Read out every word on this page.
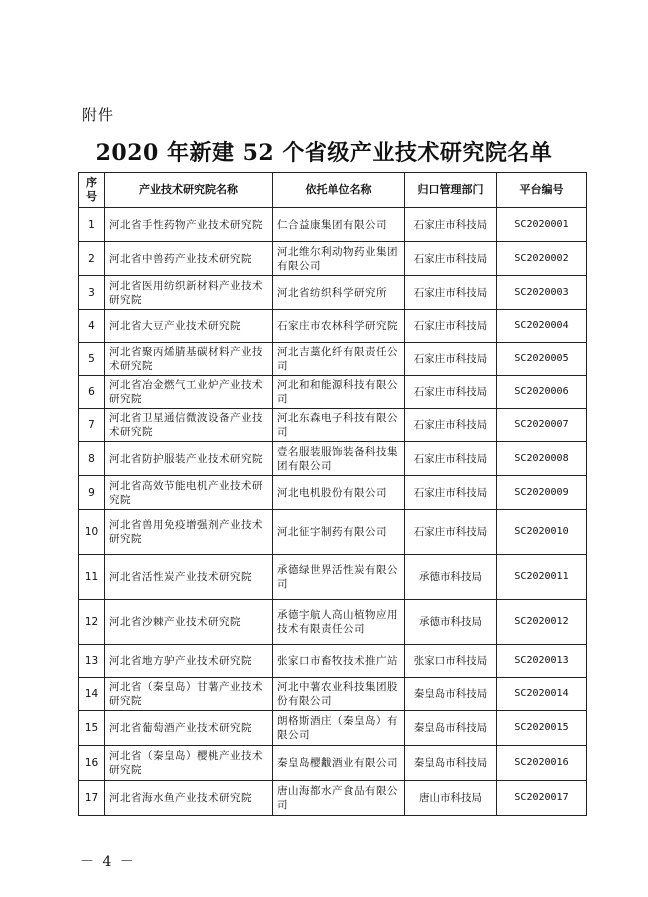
附件
2020 年新建 52 个省级产业技术研究院名单
序号	产业技术研究院名称	依托单位名称	归口管理部门	平台编号
1	河北省手性药物产业技术研究院	仁合益康集团有限公司	石家庄市科技局	SC2020001
2	河北省中兽药产业技术研究院	河北维尔利动物药业集团有限公司	石家庄市科技局	SC2020002
3	河北省医用纺织新材料产业技术研究院	河北省纺织科学研究所	石家庄市科技局	SC2020003
4	河北省大豆产业技术研究院	石家庄市农林科学研究院	石家庄市科技局	SC2020004
5	河北省聚丙烯腈基碳材料产业技术研究院	河北吉藁化纤有限责任公司	石家庄市科技局	SC2020005
6	河北省冶金燃气工业炉产业技术研究院	河北和和能源科技有限公司	石家庄市科技局	SC2020006
7	河北省卫星通信微波设备产业技术研究院	河北东森电子科技有限公司	石家庄市科技局	SC2020007
8	河北省防护服装产业技术研究院	壹名服装服饰装备科技集团有限公司	石家庄市科技局	SC2020008
9	河北省高效节能电机产业技术研究院	河北电机股份有限公司	石家庄市科技局	SC2020009
10	河北省兽用免疫增强剂产业技术研究院	河北征宇制药有限公司	石家庄市科技局	SC2020010
11	河北省活性炭产业技术研究院	承德绿世界活性炭有限公司	承德市科技局	SC2020011
12	河北省沙棘产业技术研究院	承德宇航人高山植物应用技术有限责任公司	承德市科技局	SC2020012
13	河北省地方驴产业技术研究院	张家口市畜牧技术推广站	张家口市科技局	SC2020013
14	河北省（秦皇岛）甘薯产业技术研究院	河北中薯农业科技集团股份有限公司	秦皇岛市科技局	SC2020014
15	河北省葡萄酒产业技术研究院	朗格斯酒庄（秦皇岛）有限公司	秦皇岛市科技局	SC2020015
16	河北省（秦皇岛）樱桃产业技术研究院	秦皇岛樱黻酒业有限公司	秦皇岛市科技局	SC2020016
17	河北省海水鱼产业技术研究院	唐山海都水产食品有限公司	唐山市科技局	SC2020017
－ 4 －
